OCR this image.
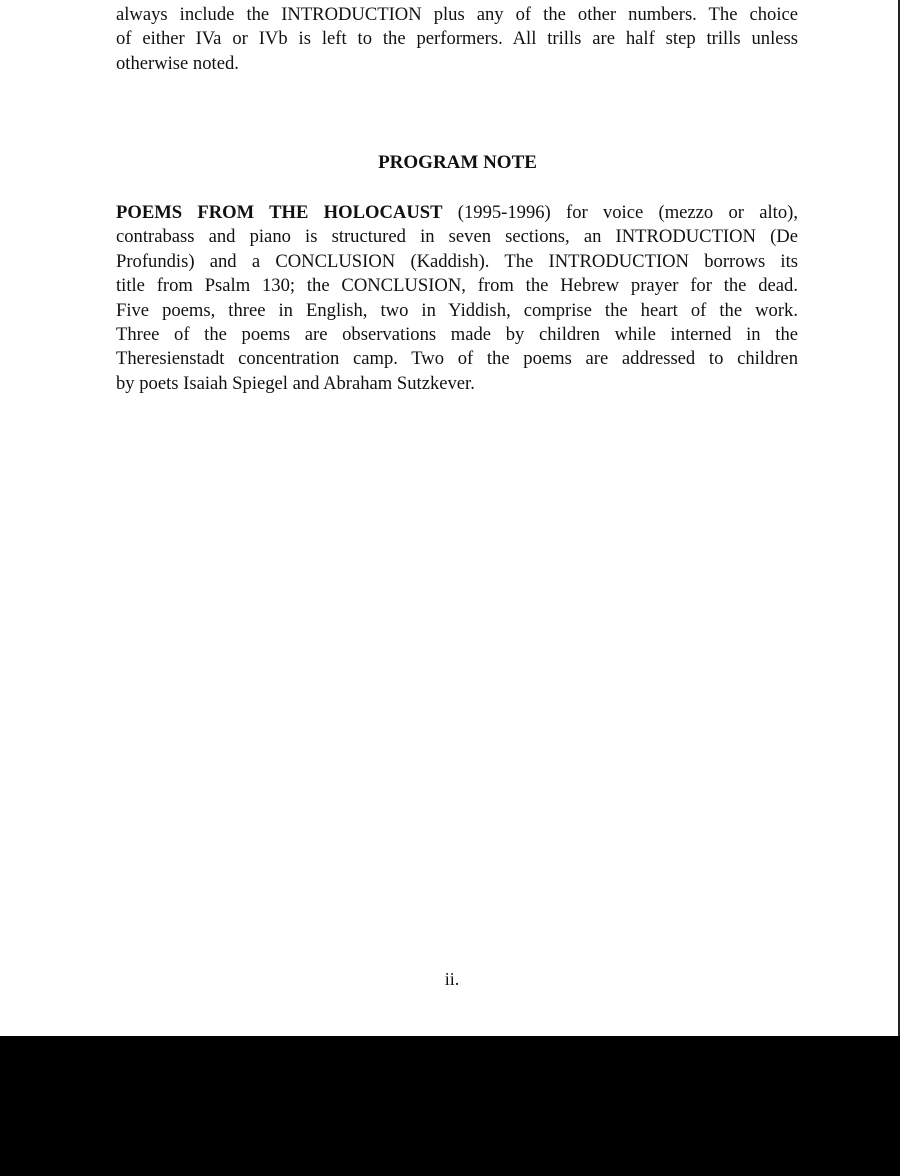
always include the INTRODUCTION plus any of the other numbers. The choice
of either IVa or IVb is left to the performers. All trills are half step trills unless
otherwise noted.
PROGRAM NOTE
POEMS FROM THE HOLOCAUST (1995-1996) for voice (mezzo or alto),
contrabass and piano is structured in seven sections, an INTRODUCTION (De
Profundis) and a CONCLUSION (Kaddish). The INTRODUCTION borrows its
title from Psalm 130; the CONCLUSION, from the Hebrew prayer for the dead.
Five poems, three in English, two in Yiddish, comprise the heart of the work.
Three of the poems are observations made by children while interned in the
Theresienstadt concentration camp. Two of the poems are addressed to children
by poets Isaiah Spiegel and Abraham Sutzkever.
ii.
